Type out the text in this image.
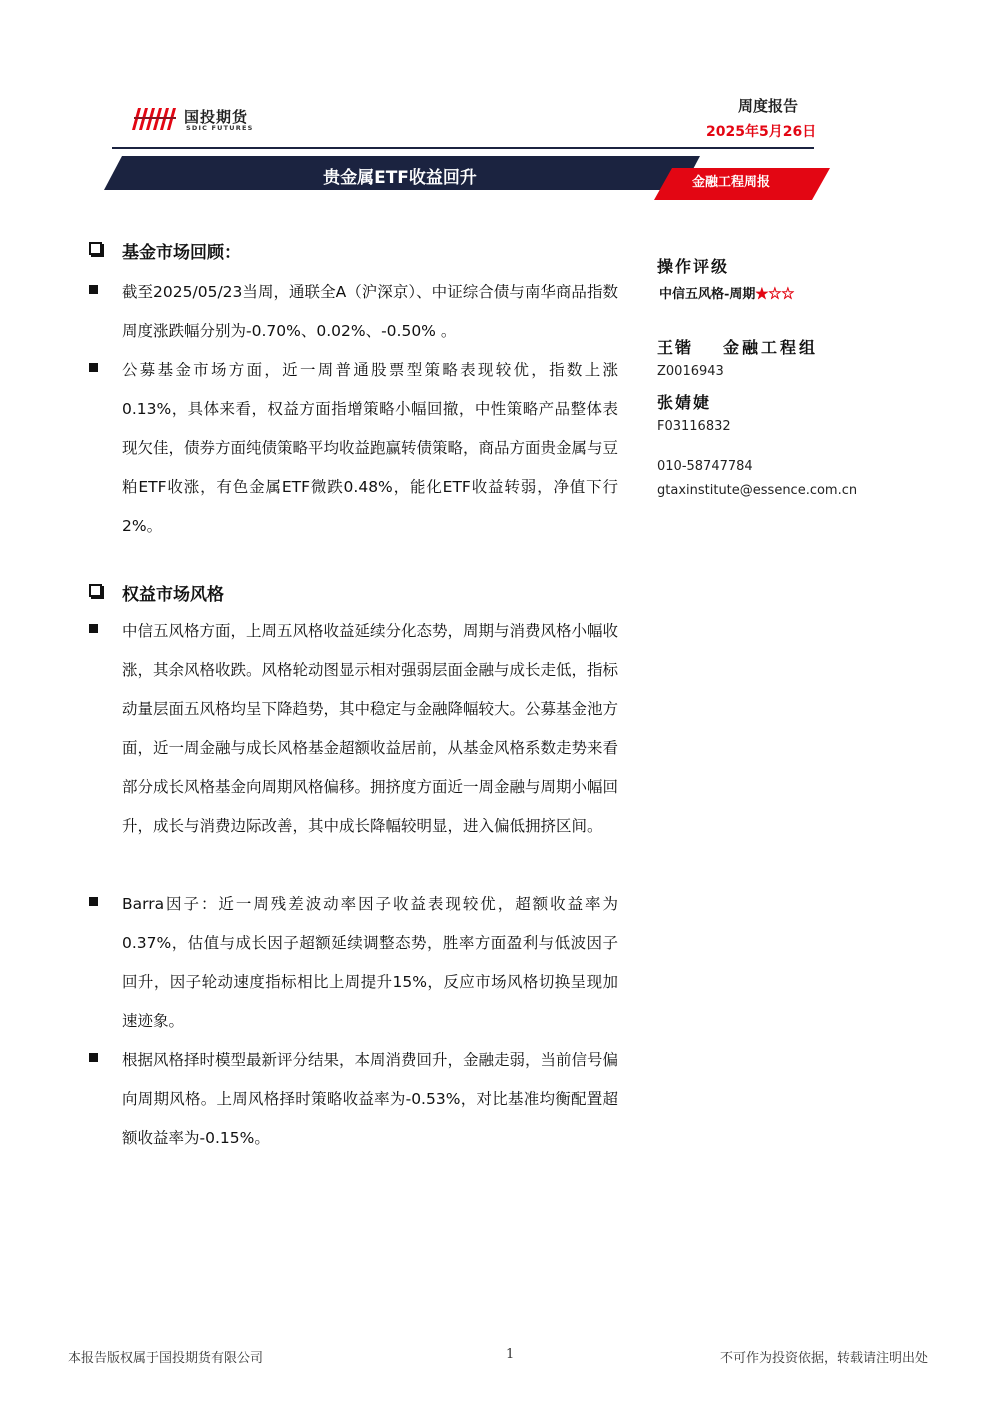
国投期货
SDIC FUTURES
周度报告
2025年5月26日
贵金属ETF收益回升	金融工程周报
基金市场回顾：
截至2025/05/23当周，通联全A（沪深京）、中证综合债与南华商品指数周度涨跌幅分别为-0.70%、0.02%、-0.50% 。
公募基金市场方面，近一周普通股票型策略表现较优，指数上涨0.13%，具体来看，权益方面指增策略小幅回撤，中性策略产品整体表现欠佳，债券方面纯债策略平均收益跑赢转债策略，商品方面贵金属与豆粕ETF收涨，有色金属ETF微跌0.48%，能化ETF收益转弱，净值下行2%。
权益市场风格
中信五风格方面，上周五风格收益延续分化态势，周期与消费风格小幅收涨，其余风格收跌。风格轮动图显示相对强弱层面金融与成长走低，指标动量层面五风格均呈下降趋势，其中稳定与金融降幅较大。公募基金池方面，近一周金融与成长风格基金超额收益居前，从基金风格系数走势来看部分成长风格基金向周期风格偏移。拥挤度方面近一周金融与周期小幅回升，成长与消费边际改善，其中成长降幅较明显，进入偏低拥挤区间。
Barra因子：近一周残差波动率因子收益表现较优，超额收益率为0.37%，估值与成长因子超额延续调整态势，胜率方面盈利与低波因子回升，因子轮动速度指标相比上周提升15%，反应市场风格切换呈现加速迹象。
根据风格择时模型最新评分结果，本周消费回升，金融走弱，当前信号偏向周期风格。上周风格择时策略收益率为-0.53%，对比基准均衡配置超额收益率为-0.15%。
操作评级
中信五风格-周期★☆☆
王锴 金融工程组
Z0016943
张婧婕
F03116832
010-58747784
gtaxinstitute@essence.com.cn
本报告版权属于国投期货有限公司	1	不可作为投资依据，转载请注明出处
